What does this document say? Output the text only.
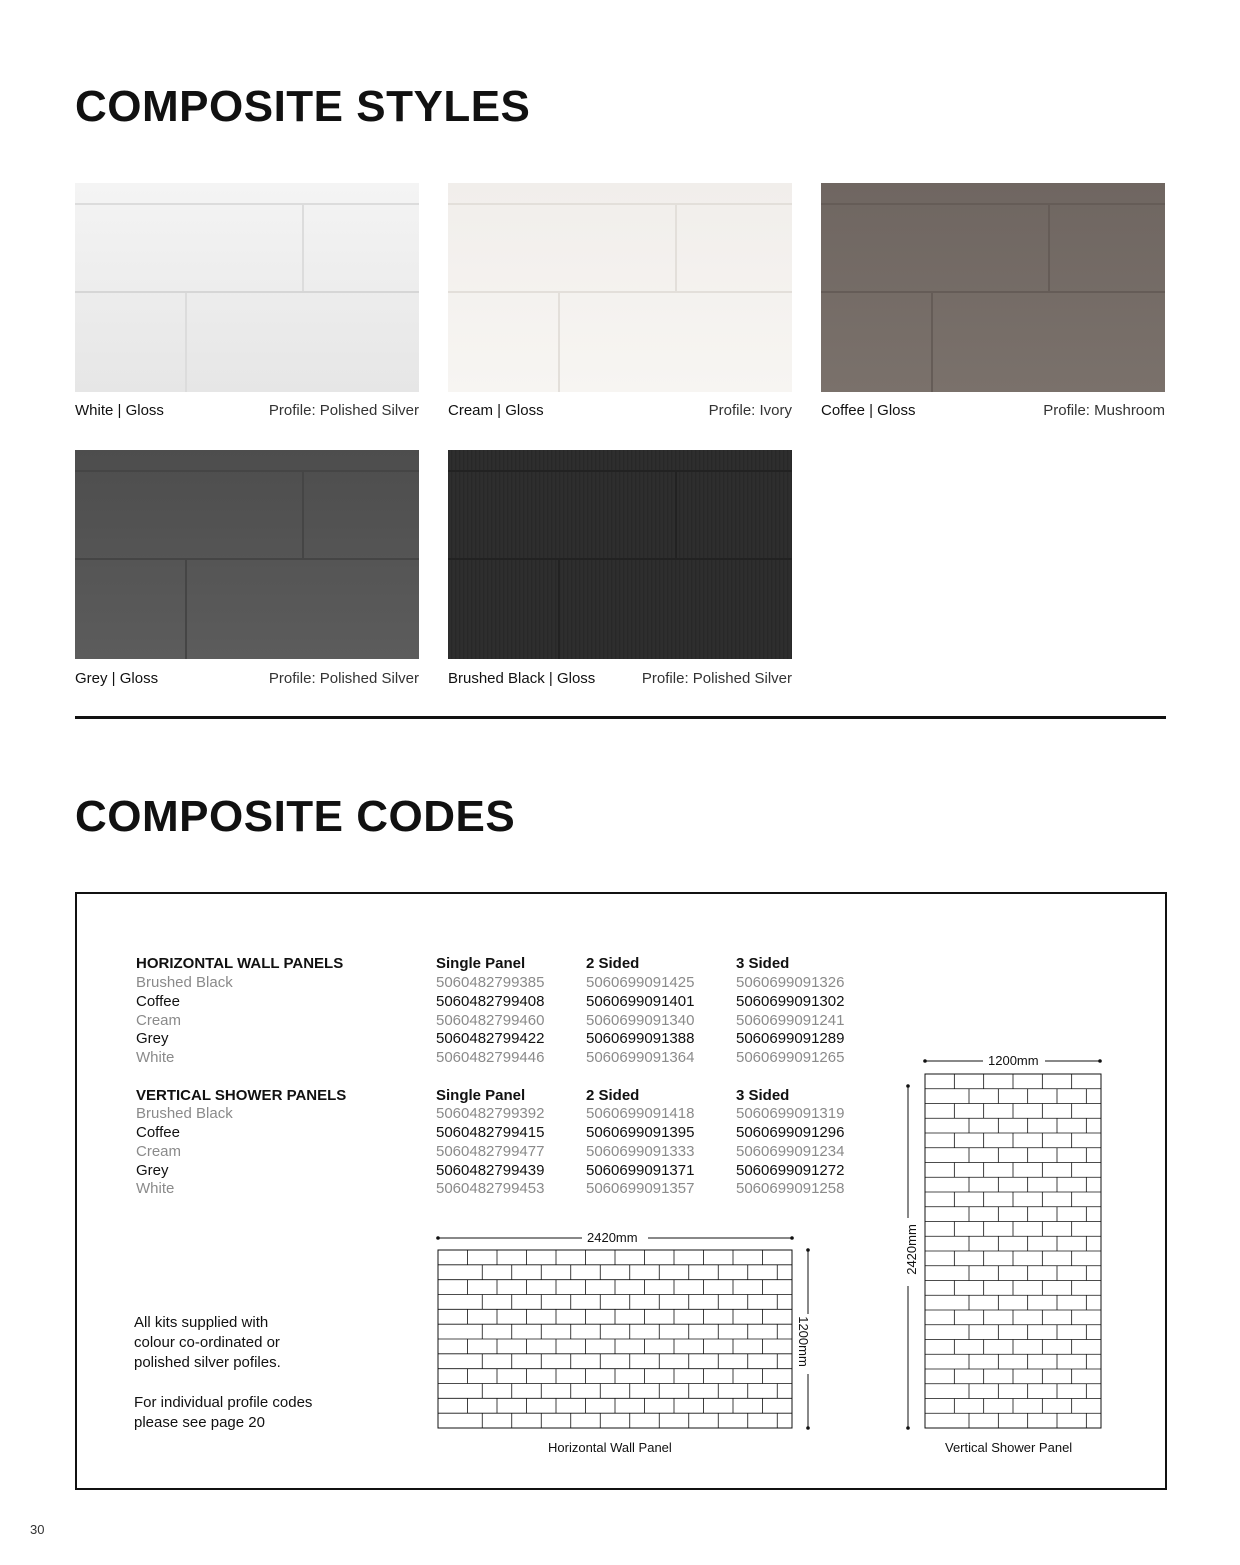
COMPOSITE STYLES
COMPOSITE CODES
White | Gloss	Profile: Polished Silver Cream | Gloss	Profile: Ivory Coffee | Gloss	Profile: Mushroom
Grey | Gloss	Profile: Polished Silver Brushed Black | Gloss	Profile: Polished Silver
HORIZONTAL WALL PANELS	Single Panel	2 Sided	3 Sided
Brushed Black	5060482799385	5060699091425	5060699091326
Coffee	5060482799408	5060699091401	5060699091302
Cream	5060482799460	5060699091340	5060699091241
Grey	5060482799422	5060699091388	5060699091289
White	5060482799446	5060699091364	5060699091265
VERTICAL SHOWER PANELS	Single Panel	2 Sided	3 Sided
Brushed Black	5060482799392	5060699091418	5060699091319
Coffee	5060482799415	5060699091395	5060699091296
Cream	5060482799477	5060699091333	5060699091234
Grey	5060482799439	5060699091371	5060699091272
White	5060482799453	5060699091357	5060699091258
All kits supplied with
colour co-ordinated or
polished silver pofiles.
For individual profile codes
please see page 20
2420mm
1200mm
Horizontal Wall Panel
1200mm
2420mm
Vertical Shower Panel
30
